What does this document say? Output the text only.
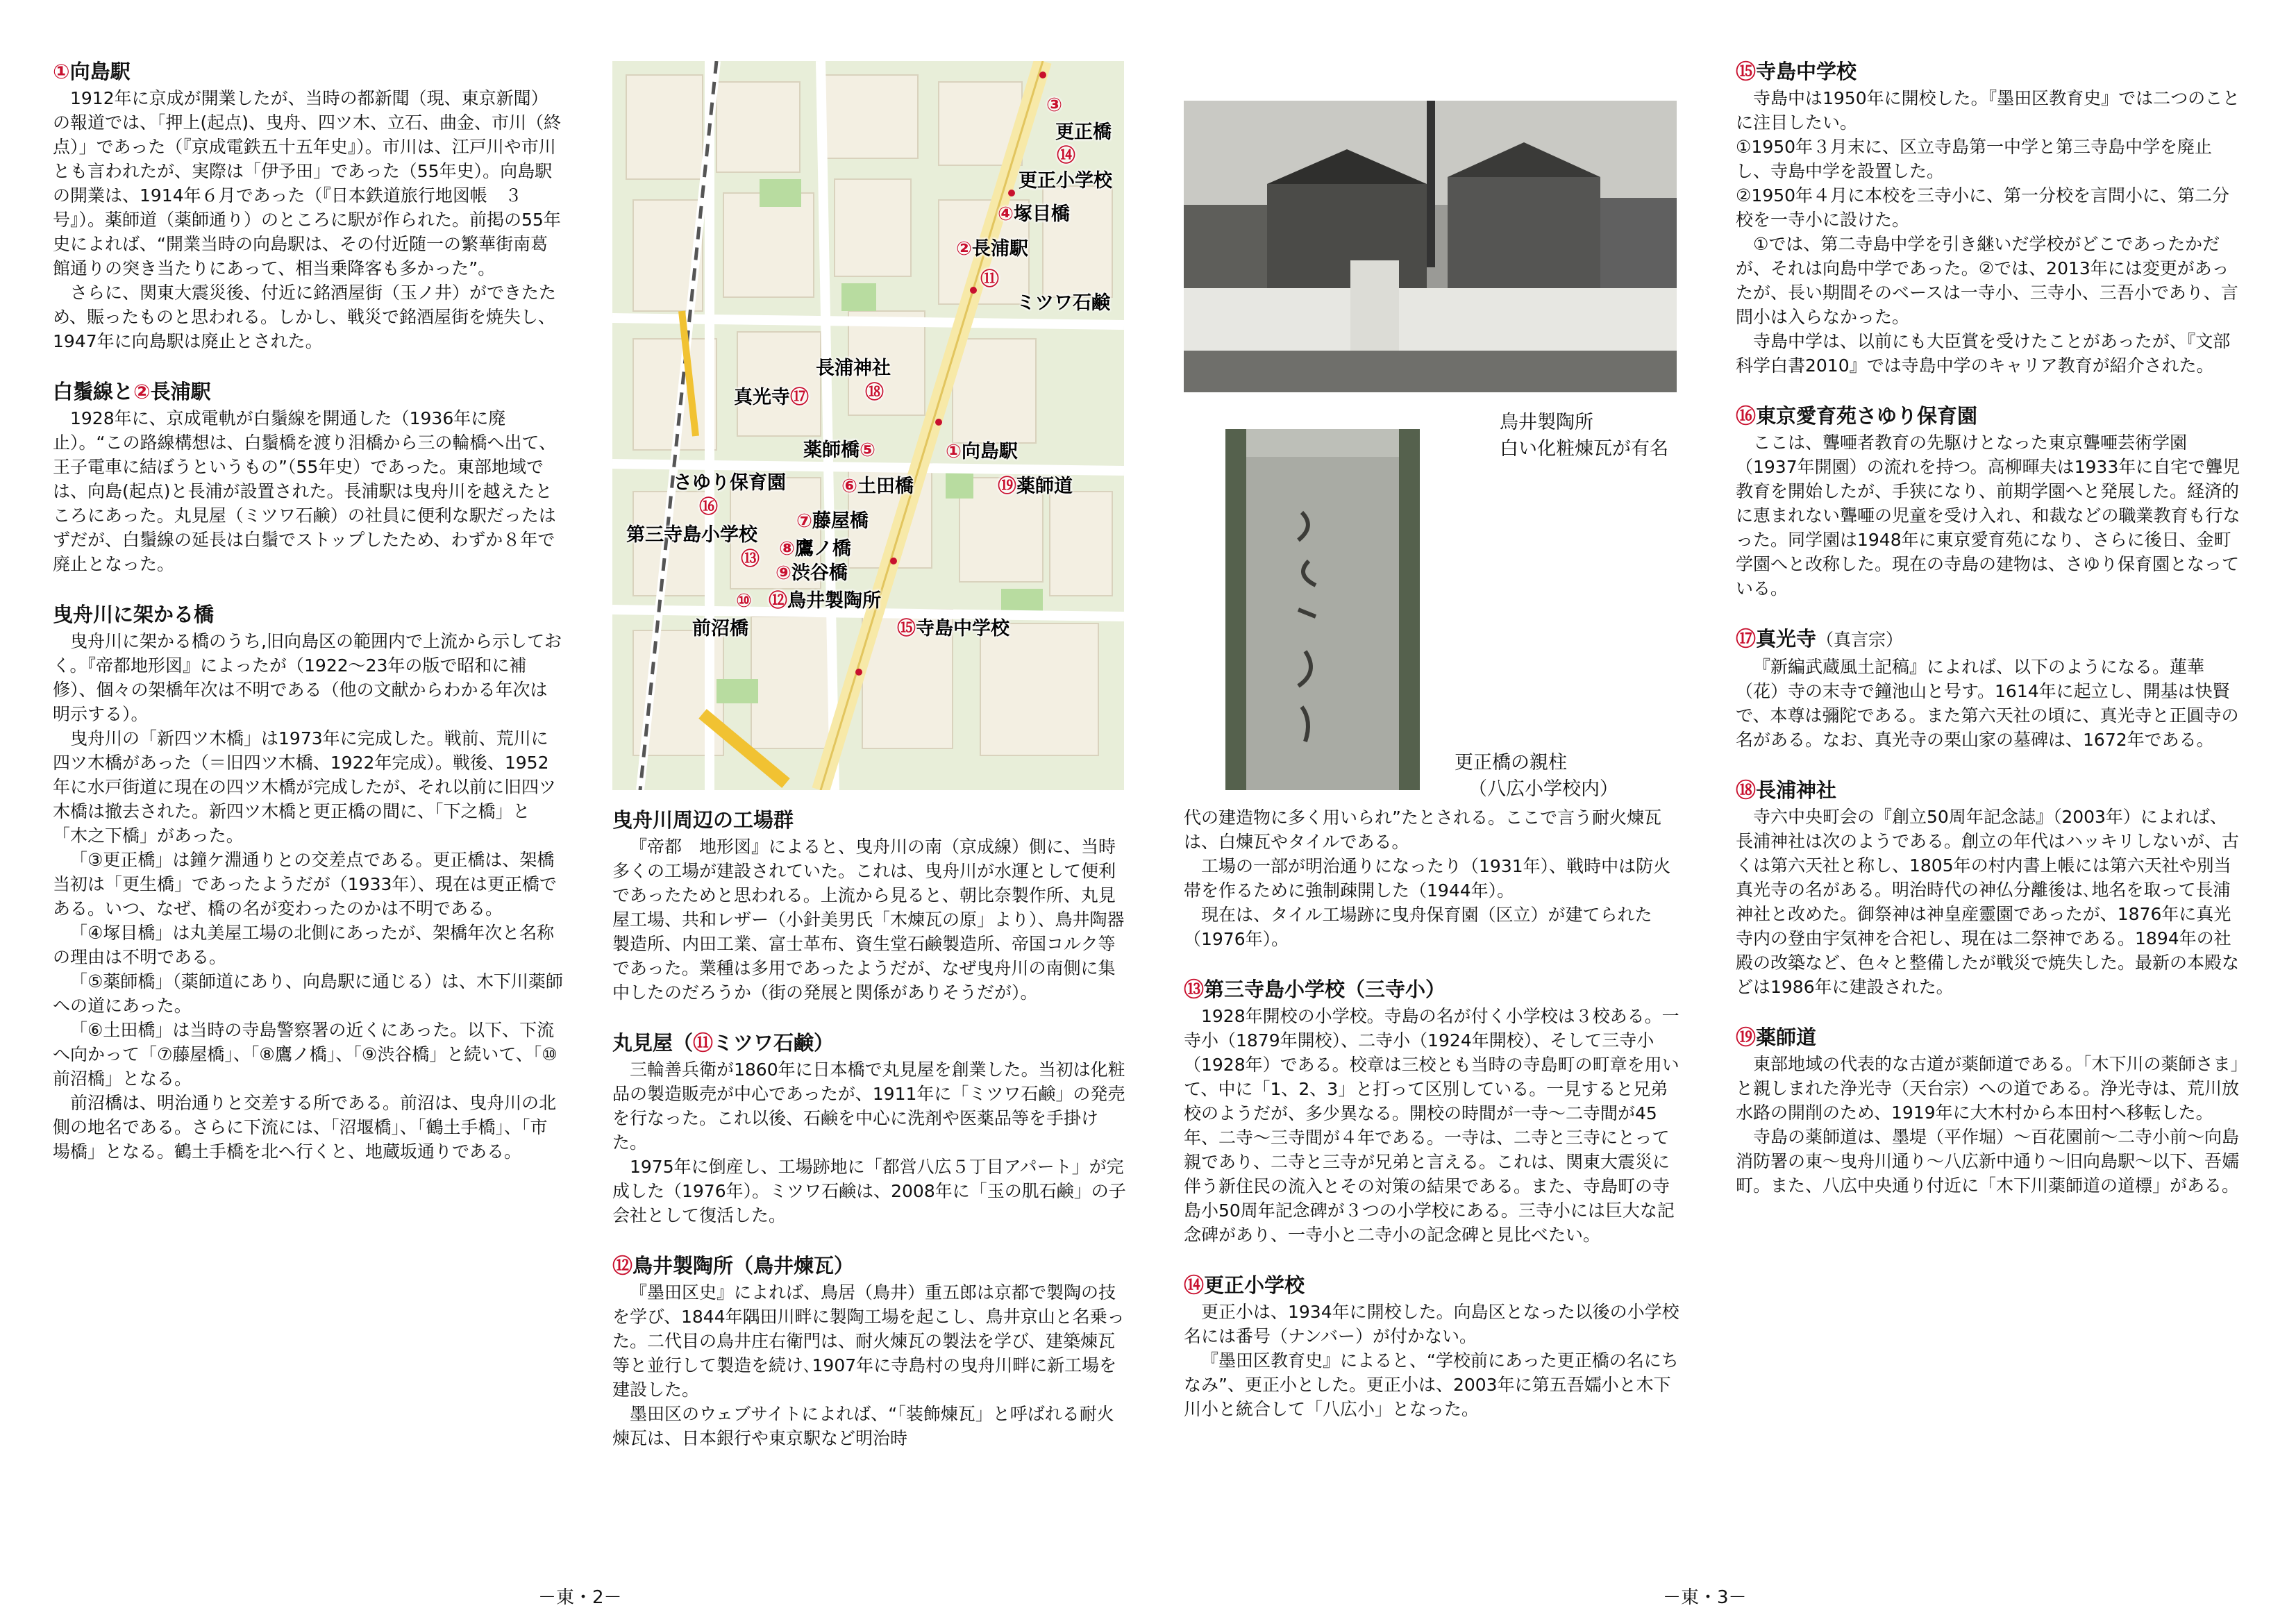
①向島駅

1912年に京成が開業したが、当時の都新聞（現、東京新聞）の報道では、「押上(起点)、曳舟、四ツ木、立石、曲金、市川（終点）」であった（『京成電鉄五十五年史』）。市川は、江戸川や市川とも言われたが、実際は「伊予田」であった（55年史）。向島駅の開業は、1914年６月であった（『日本鉄道旅行地図帳　３号』）。薬師道（薬師通り）のところに駅が作られた。前掲の55年史によれば、“開業当時の向島駅は、その付近随一の繁華街南葛館通りの突き当たりにあって、相当乗降客も多かった”。

さらに、関東大震災後、付近に銘酒屋街（玉ノ井）ができたため、賑ったものと思われる。しかし、戦災で銘酒屋街を焼失し、1947年に向島駅は廃止とされた。

白鬚線と②長浦駅

1928年に、京成電軌が白鬚線を開通した（1936年に廃止）。“この路線構想は、白鬚橋を渡り泪橋から三の輪橋へ出て、王子電車に結ぼうというもの”（55年史）であった。東部地域では、向島(起点)と長浦が設置された。長浦駅は曳舟川を越えたところにあった。丸見屋（ミツワ石鹸）の社員に便利な駅だったはずだが、白鬚線の延長は白鬚でストップしたため、わずか８年で廃止となった。

曳舟川に架かる橋

曳舟川に架かる橋のうち,旧向島区の範囲内で上流から示しておく。『帝都地形図』によったが（1922～23年の版で昭和に補修）、個々の架橋年次は不明である（他の文献からわかる年次は明示する）。

曳舟川の「新四ツ木橋」は1973年に完成した。戦前、荒川に四ツ木橋があった（＝旧四ツ木橋、1922年完成）。戦後、1952年に水戸街道に現在の四ツ木橋が完成したが、それ以前に旧四ツ木橋は撤去された。新四ツ木橋と更正橋の間に、「下之橋」と「木之下橋」があった。

「③更正橋」は鐘ケ淵通りとの交差点である。更正橋は、架橋当初は「更生橋」であったようだが（1933年）、現在は更正橋である。いつ、なぜ、橋の名が変わったのかは不明である。

「④塚目橋」は丸美屋工場の北側にあったが、架橋年次と名称の理由は不明である。

「⑤薬師橋」（薬師道にあり、向島駅に通じる）は、木下川薬師への道にあった。

「⑥土田橋」は当時の寺島警察署の近くにあった。以下、下流へ向かって「⑦藤屋橋」、「⑧鷹ノ橋」、「⑨渋谷橋」と続いて、「⑩前沼橋」となる。

前沼橋は、明治通りと交差する所である。前沼は、曳舟川の北側の地名である。さらに下流には、「沼堰橋」、「鶴土手橋」、「市場橋」となる。鶴土手橋を北へ行くと、地蔵坂通りである。

③
更正橋
⑭
更正小学校
④塚目橋
②長浦駅
⑪
ミツワ石鹸
長浦神社
真光寺⑰	⑱
薬師橋⑤	①向島駅
さゆり保育園	⑥土田橋
⑯
⑲薬師道
第三寺島小学校
⑦藤屋橋
⑧鷹ノ橋
⑬
⑨渋谷橋
⑫鳥井製陶所
⑩
前沼橋	⑮寺島中学校
曳舟川周辺の工場群

『帝都　地形図』によると、曳舟川の南（京成線）側に、当時多くの工場が建設されていた。これは、曳舟川が水運として便利であったためと思われる。上流から見ると、朝比奈製作所、丸見屋工場、共和レザー（小針美男氏「木煉瓦の原」より）、鳥井陶器製造所、内田工業、富士革布、資生堂石鹸製造所、帝国コルク等であった。業種は多用であったようだが、なぜ曳舟川の南側に集中したのだろうか（街の発展と関係がありそうだが）。

丸見屋（⑪ミツワ石鹸）

三輪善兵衛が1860年に日本橋で丸見屋を創業した。当初は化粧品の製造販売が中心であったが、1911年に「ミツワ石鹸」の発売を行なった。これ以後、石鹸を中心に洗剤や医薬品等を手掛けた。

1975年に倒産し、工場跡地に「都営八広５丁目アパート」が完成した（1976年）。ミツワ石鹸は、2008年に「玉の肌石鹸」の子会社として復活した。

⑫鳥井製陶所（鳥井煉瓦）

『墨田区史』によれば、鳥居（鳥井）重五郎は京都で製陶の技を学び、1844年隅田川畔に製陶工場を起こし、鳥井京山と名乗った。二代目の鳥井庄右衛門は、耐火煉瓦の製法を学び、建築煉瓦等と並行して製造を続け､1907年に寺島村の曳舟川畔に新工場を建設した。

墨田区のウェブサイトによれば、“「装飾煉瓦」と呼ばれる耐火煉瓦は、日本銀行や東京駅など明治時

鳥井製陶所
白い化粧煉瓦が有名
更正橋の親柱
（八広小学校内）

代の建造物に多く用いられ”たとされる。ここで言う耐火煉瓦は、白煉瓦やタイルである。

工場の一部が明治通りになったり（1931年）、戦時中は防火帯を作るために強制疎開した（1944年）。

現在は、タイル工場跡に曳舟保育園（区立）が建てられた（1976年）。

⑬第三寺島小学校（三寺小）

1928年開校の小学校。寺島の名が付く小学校は３校ある。一寺小（1879年開校）、二寺小（1924年開校）、そして三寺小（1928年）である。校章は三校とも当時の寺島町の町章を用いて、中に「1、2、3」と打って区別している。一見すると兄弟校のようだが、多少異なる。開校の時間が一寺～二寺間が45年、二寺～三寺間が４年である。一寺は、二寺と三寺にとって親であり、二寺と三寺が兄弟と言える。これは、関東大震災に伴う新住民の流入とその対策の結果である。また、寺島町の寺島小50周年記念碑が３つの小学校にある。三寺小には巨大な記念碑があり、一寺小と二寺小の記念碑と見比べたい。

⑭更正小学校

更正小は、1934年に開校した。向島区となった以後の小学校名には番号（ナンバー）が付かない。

『墨田区教育史』によると、“学校前にあった更正橋の名にちなみ”、更正小とした。更正小は、2003年に第五吾嬬小と木下川小と統合して「八広小」となった。

⑮寺島中学校

寺島中は1950年に開校した。『墨田区教育史』では二つのことに注目したい。

①1950年３月末に、区立寺島第一中学と第三寺島中学を廃止し、寺島中学を設置した。

②1950年４月に本校を三寺小に、第一分校を言問小に、第二分校を一寺小に設けた。

①では、第二寺島中学を引き継いだ学校がどこであったかだが、それは向島中学であった。②では、2013年には変更があったが、長い期間そのベースは一寺小、三寺小、三吾小であり、言問小は入らなかった。

寺島中学は、以前にも大臣賞を受けたことがあったが、『文部科学白書2010』では寺島中学のキャリア教育が紹介された。

⑯東京愛育苑さゆり保育園

ここは、聾唖者教育の先駆けとなった東京聾唖芸術学園（1937年開園）の流れを持つ。高柳暉夫は1933年に自宅で聾児教育を開始したが、手狭になり、前期学園へと発展した。経済的に恵まれない聾唖の児童を受け入れ、和裁などの職業教育も行なった。同学園は1948年に東京愛育苑になり、さらに後日、金町学園へと改称した。現在の寺島の建物は、さゆり保育園となっている。

⑰真光寺（真言宗）

『新編武蔵風土記稿』によれば、以下のようになる。蓮華（花）寺の末寺で鐘池山と号す。1614年に起立し、開基は快賢で、本尊は彌陀である。また第六天社の頃に、真光寺と正圓寺の名がある。なお、真光寺の栗山家の墓碑は、1672年である。

⑱長浦神社

寺六中央町会の『創立50周年記念誌』（2003年）によれば、長浦神社は次のようである。創立の年代はハッキリしないが、古くは第六天社と称し、1805年の村内書上帳には第六天社や別当真光寺の名がある。明治時代の神仏分離後は､地名を取って長浦神社と改めた。御祭神は神皇産靈園であったが、1876年に真光寺内の登由宇気神を合祀し、現在は二祭神である。1894年の社殿の改築など、色々と整備したが戦災で焼失した。最新の本殿などは1986年に建設された。

⑲薬師道

東部地域の代表的な古道が薬師道である。「木下川の薬師さま」と親しまれた浄光寺（天台宗）への道である。浄光寺は、荒川放水路の開削のため、1919年に大木村から本田村へ移転した。

寺島の薬師道は、墨堤（平作堀）～百花園前～二寺小前～向島消防署の東～曳舟川通り～八広新中通り～旧向島駅～以下、吾嬬町。また、八広中央通り付近に「木下川薬師道の道標」がある。

－東・2－	－東・3－
